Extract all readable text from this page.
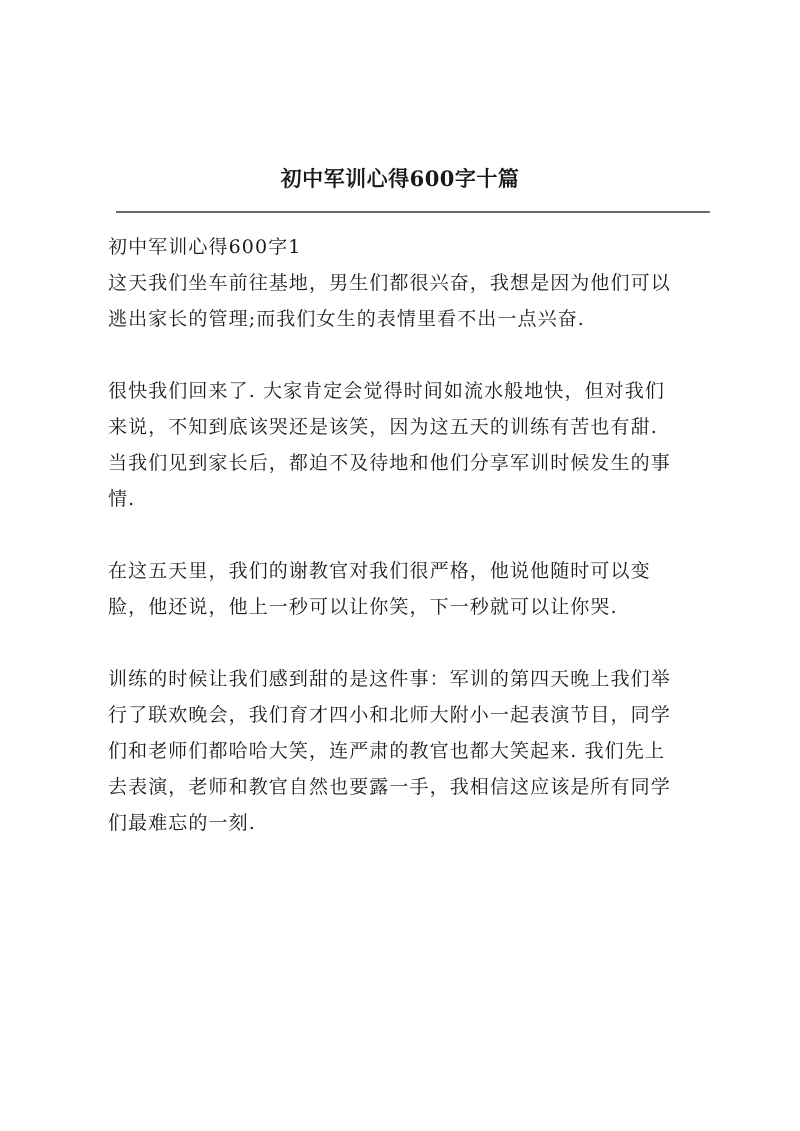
初中军训心得600字十篇

初中军训心得600字1

这天我们坐车前往基地，男生们都很兴奋，我想是因为他们可以
逃出家长的管理;而我们女生的表情里看不出一点兴奋.

很快我们回来了. 大家肯定会觉得时间如流水般地快，但对我们
来说，不知到底该哭还是该笑，因为这五天的训练有苦也有甜.
当我们见到家长后，都迫不及待地和他们分享军训时候发生的事
情.

在这五天里，我们的谢教官对我们很严格，他说他随时可以变
脸，他还说，他上一秒可以让你笑，下一秒就可以让你哭.

训练的时候让我们感到甜的是这件事：军训的第四天晚上我们举
行了联欢晚会，我们育才四小和北师大附小一起表演节目，同学
们和老师们都哈哈大笑，连严肃的教官也都大笑起来. 我们先上
去表演，老师和教官自然也要露一手，我相信这应该是所有同学
们最难忘的一刻.
